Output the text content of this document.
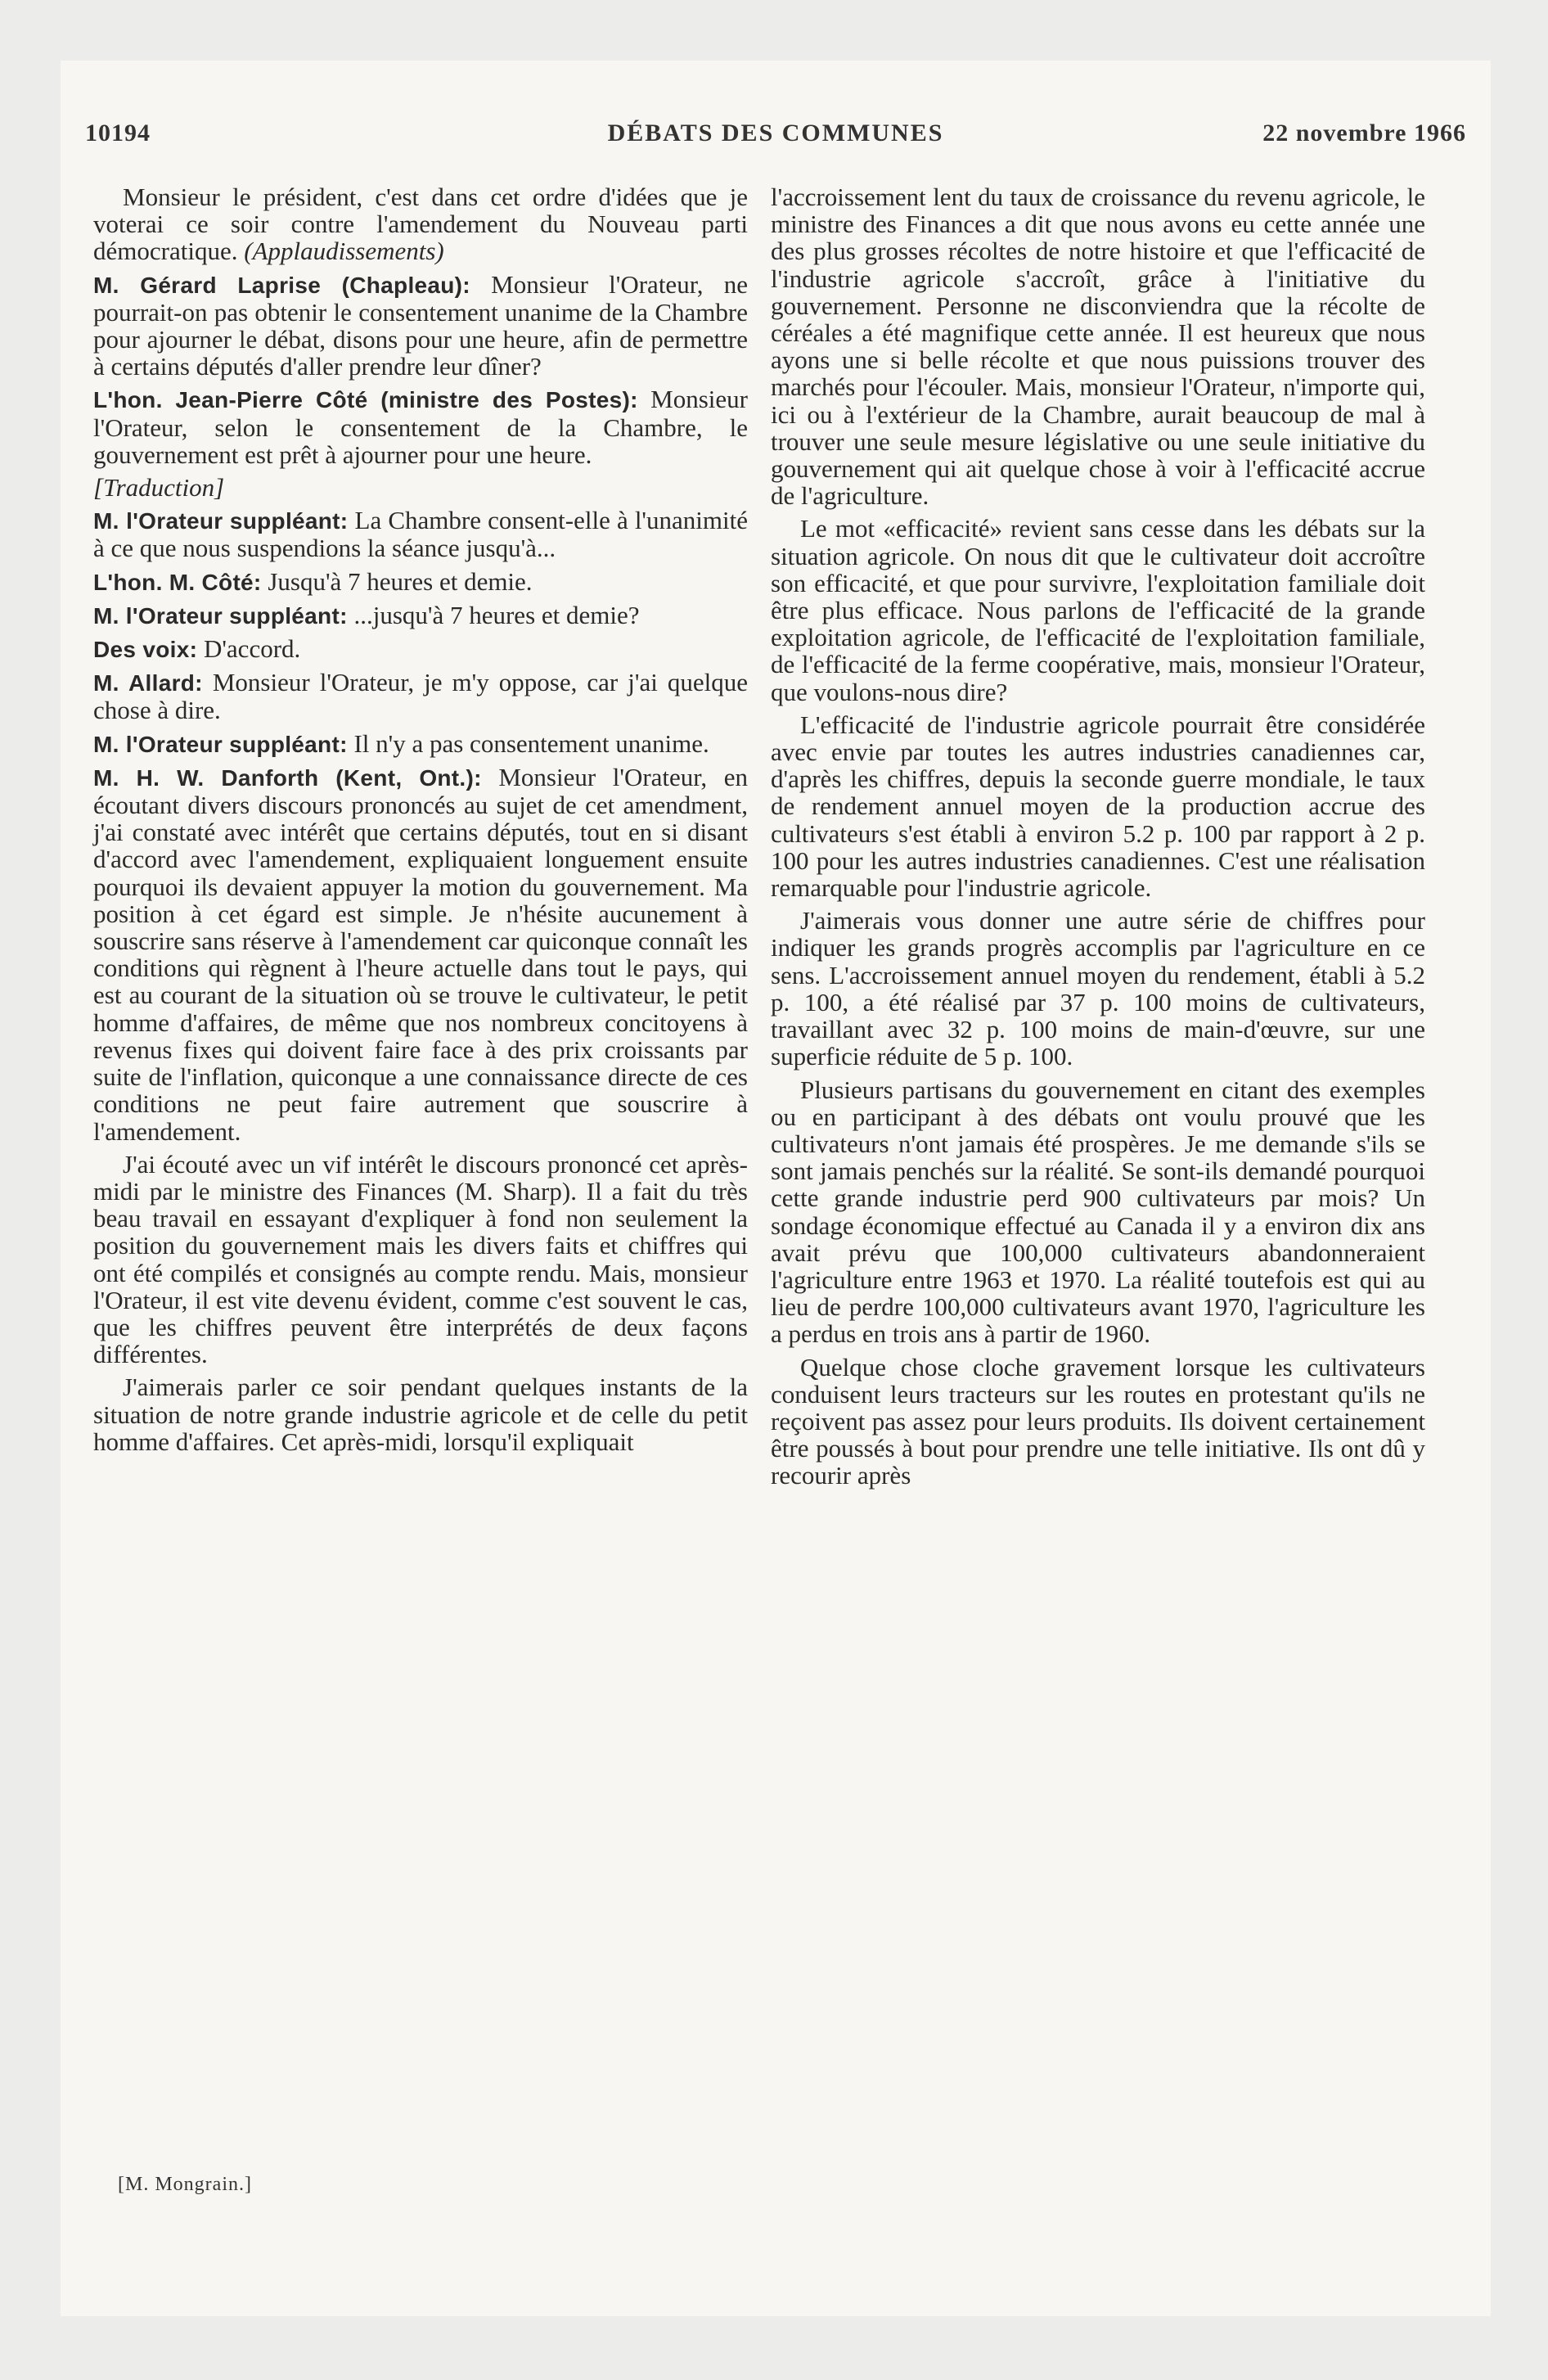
10194	DÉBATS DES COMMUNES	22 novembre 1966

Monsieur le président, c'est dans cet ordre d'idées que je voterai ce soir contre l'amendement du Nouveau parti démocratique. (Applaudissements)

M. Gérard Laprise (Chapleau): Monsieur l'Orateur, ne pourrait-on pas obtenir le consentement unanime de la Chambre pour ajourner le débat, disons pour une heure, afin de permettre à certains députés d'aller prendre leur dîner?

L'hon. Jean-Pierre Côté (ministre des Postes): Monsieur l'Orateur, selon le consentement de la Chambre, le gouvernement est prêt à ajourner pour une heure.

[Traduction]

M. l'Orateur suppléant: La Chambre consent-elle à l'unanimité à ce que nous suspendions la séance jusqu'à...

L'hon. M. Côté: Jusqu'à 7 heures et demie.

M. l'Orateur suppléant: ...jusqu'à 7 heures et demie?

Des voix: D'accord.

M. Allard: Monsieur l'Orateur, je m'y oppose, car j'ai quelque chose à dire.

M. l'Orateur suppléant: Il n'y a pas consentement unanime.

M. H. W. Danforth (Kent, Ont.): Monsieur l'Orateur, en écoutant divers discours prononcés au sujet de cet amendment, j'ai constaté avec intérêt que certains députés, tout en si disant d'accord avec l'amendement, expliquaient longuement ensuite pourquoi ils devaient appuyer la motion du gouvernement. Ma position à cet égard est simple. Je n'hésite aucunement à souscrire sans réserve à l'amendement car quiconque connaît les conditions qui règnent à l'heure actuelle dans tout le pays, qui est au courant de la situation où se trouve le cultivateur, le petit homme d'affaires, de même que nos nombreux concitoyens à revenus fixes qui doivent faire face à des prix croissants par suite de l'inflation, quiconque a une connaissance directe de ces conditions ne peut faire autrement que souscrire à l'amendement.

J'ai écouté avec un vif intérêt le discours prononcé cet après-midi par le ministre des Finances (M. Sharp). Il a fait du très beau travail en essayant d'expliquer à fond non seulement la position du gouvernement mais les divers faits et chiffres qui ont été compilés et consignés au compte rendu. Mais, monsieur l'Orateur, il est vite devenu évident, comme c'est souvent le cas, que les chiffres peuvent être interprétés de deux façons différentes.

J'aimerais parler ce soir pendant quelques instants de la situation de notre grande industrie agricole et de celle du petit homme d'affaires. Cet après-midi, lorsqu'il expliquait

l'accroissement lent du taux de croissance du revenu agricole, le ministre des Finances a dit que nous avons eu cette année une des plus grosses récoltes de notre histoire et que l'efficacité de l'industrie agricole s'accroît, grâce à l'initiative du gouvernement. Personne ne disconviendra que la récolte de céréales a été magnifique cette année. Il est heureux que nous ayons une si belle récolte et que nous puissions trouver des marchés pour l'écouler. Mais, monsieur l'Orateur, n'importe qui, ici ou à l'extérieur de la Chambre, aurait beaucoup de mal à trouver une seule mesure législative ou une seule initiative du gouvernement qui ait quelque chose à voir à l'efficacité accrue de l'agriculture.

Le mot «efficacité» revient sans cesse dans les débats sur la situation agricole. On nous dit que le cultivateur doit accroître son efficacité, et que pour survivre, l'exploitation familiale doit être plus efficace. Nous parlons de l'efficacité de la grande exploitation agricole, de l'efficacité de l'exploitation familiale, de l'efficacité de la ferme coopérative, mais, monsieur l'Orateur, que voulons-nous dire?

L'efficacité de l'industrie agricole pourrait être considérée avec envie par toutes les autres industries canadiennes car, d'après les chiffres, depuis la seconde guerre mondiale, le taux de rendement annuel moyen de la production accrue des cultivateurs s'est établi à environ 5.2 p. 100 par rapport à 2 p. 100 pour les autres industries canadiennes. C'est une réalisation remarquable pour l'industrie agricole.

J'aimerais vous donner une autre série de chiffres pour indiquer les grands progrès accomplis par l'agriculture en ce sens. L'accroissement annuel moyen du rendement, établi à 5.2 p. 100, a été réalisé par 37 p. 100 moins de cultivateurs, travaillant avec 32 p. 100 moins de main-d'œuvre, sur une superficie réduite de 5 p. 100.

Plusieurs partisans du gouvernement en citant des exemples ou en participant à des débats ont voulu prouvé que les cultivateurs n'ont jamais été prospères. Je me demande s'ils se sont jamais penchés sur la réalité. Se sont-ils demandé pourquoi cette grande industrie perd 900 cultivateurs par mois? Un sondage économique effectué au Canada il y a environ dix ans avait prévu que 100,000 cultivateurs abandonneraient l'agriculture entre 1963 et 1970. La réalité toutefois est qui au lieu de perdre 100,000 cultivateurs avant 1970, l'agriculture les a perdus en trois ans à partir de 1960.

Quelque chose cloche gravement lorsque les cultivateurs conduisent leurs tracteurs sur les routes en protestant qu'ils ne reçoivent pas assez pour leurs produits. Ils doivent certainement être poussés à bout pour prendre une telle initiative. Ils ont dû y recourir après

[M. Mongrain.]
